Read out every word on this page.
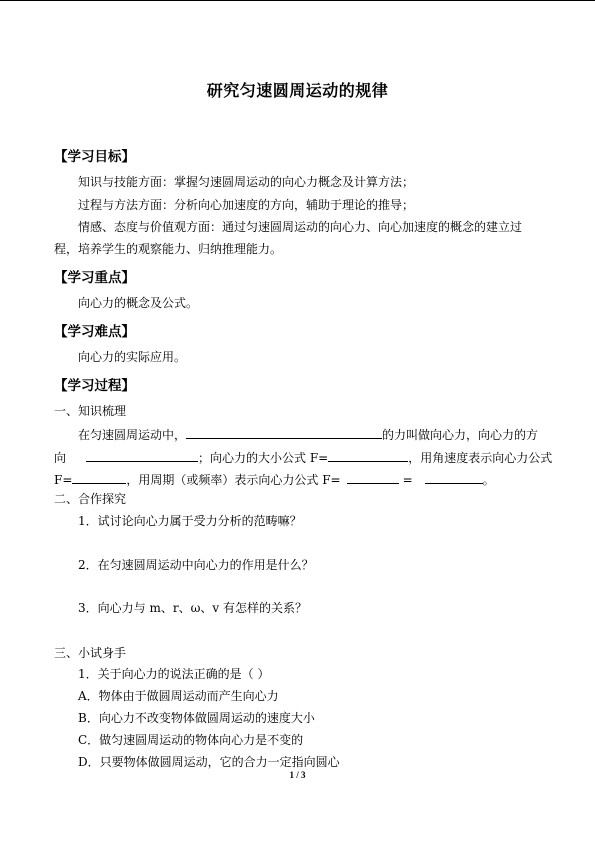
研究匀速圆周运动的规律
【学习目标】
知识与技能方面：掌握匀速圆周运动的向心力概念及计算方法；
过程与方法方面：分析向心加速度的方向，辅助于理论的推导；
情感、态度与价值观方面：通过匀速圆周运动的向心力、向心加速度的概念的建立过
程，培养学生的观察能力、归纳推理能力。
【学习重点】
向心力的概念及公式。
【学习难点】
向心力的实际应用。
【学习过程】
一、知识梳理
在匀速圆周运动中，	的力叫做向心力，向心力的方
向	；向心力的大小公式 F=	，用角速度表示向心力公式
F=	，用周期（或频率）表示向心力公式 F=	=	。
二、合作探究
1．试讨论向心力属于受力分析的范畴嘛？
2．在匀速圆周运动中向心力的作用是什么？
3．向心力与 m、r、ω、v 有怎样的关系？
三、小试身手
1．关于向心力的说法正确的是（ ）
A．物体由于做圆周运动而产生向心力
B．向心力不改变物体做圆周运动的速度大小
C．做匀速圆周运动的物体向心力是不变的
D．只要物体做圆周运动，它的合力一定指向圆心
1 / 3
